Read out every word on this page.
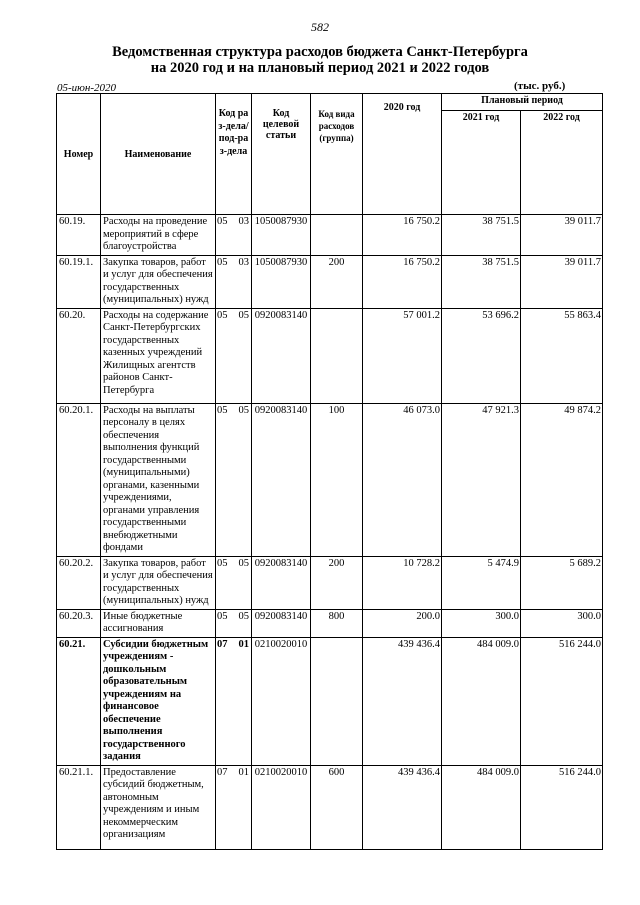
582
Ведомственная структура расходов бюджета Санкт-Петербурга
на 2020 год и на плановый период 2021 и 2022 годов
05-июн-2020	(тыс. руб.)
Номер	Наименование	Код раз-дела/ под-раз-дела	Код целевой статьи	Код вида расходов (группа)	2020 год	Плановый период	
						2021 год	2022 год
60.19.	Расходы на проведение мероприятий в сфере благоустройства	05 03	1050087930		16 750.2	38 751.5	39 011.7
60.19.1.	Закупка товаров, работ и услуг для обеспечения государственных (муниципальных) нужд	05 03	1050087930	200	16 750.2	38 751.5	39 011.7
60.20.	Расходы на содержание Санкт-Петербургских государственных казенных учреждений Жилищных агентств районов Санкт-Петербурга	05 05	0920083140		57 001.2	53 696.2	55 863.4
60.20.1.	Расходы на выплаты персоналу в целях обеспечения выполнения функций государственными (муниципальными) органами, казенными учреждениями, органами управления государственными внебюджетными фондами	05 05	0920083140	100	46 073.0	47 921.3	49 874.2
60.20.2.	Закупка товаров, работ и услуг для обеспечения государственных (муниципальных) нужд	05 05	0920083140	200	10 728.2	5 474.9	5 689.2
60.20.3.	Иные бюджетные ассигнования	05 05	0920083140	800	200.0	300.0	300.0
60.21.	Субсидии бюджетным учреждениям - дошкольным образовательным учреждениям на финансовое обеспечение выполнения государственного задания	07 01	0210020010		439 436.4	484 009.0	516 244.0
60.21.1.	Предоставление субсидий бюджетным, автономным учреждениям и иным некоммерческим организациям	07 01	0210020010	600	439 436.4	484 009.0	516 244.0
